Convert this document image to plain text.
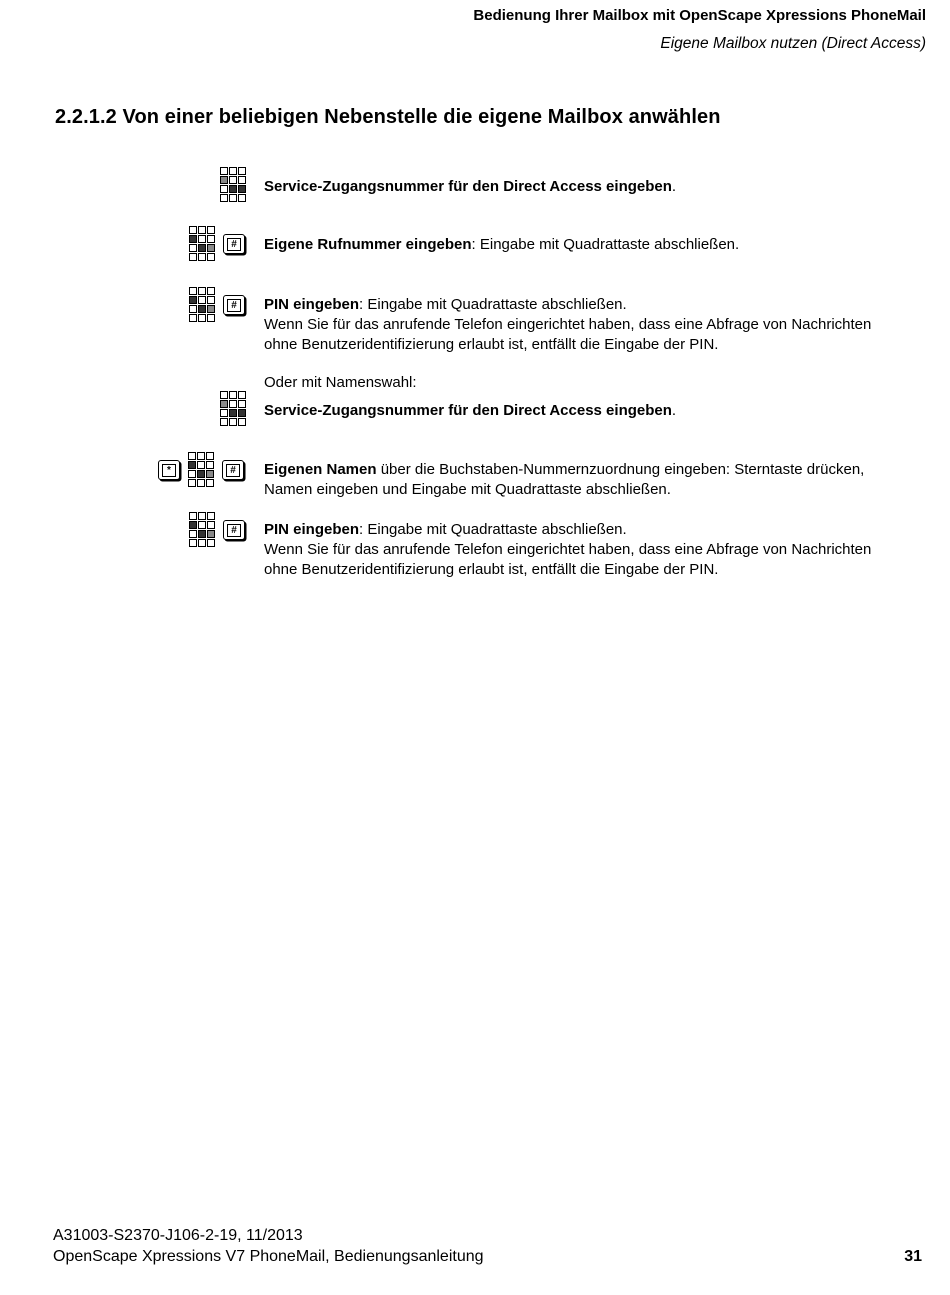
Bedienung Ihrer Mailbox mit OpenScape Xpressions PhoneMail
Eigene Mailbox nutzen (Direct Access)
2.2.1.2 Von einer beliebigen Nebenstelle die eigene Mailbox anwählen
Service-Zugangsnummer für den Direct Access eingeben.
#	Eigene Rufnummer eingeben: Eingabe mit Quadrattaste abschließen.
#	PIN eingeben: Eingabe mit Quadrattaste abschließen.
Wenn Sie für das anrufende Telefon eingerichtet haben, dass eine Abfrage von Nachrichten
ohne Benutzeridentifizierung erlaubt ist, entfällt die Eingabe der PIN.
Oder mit Namenswahl:
Service-Zugangsnummer für den Direct Access eingeben.
*	#	Eigenen Namen über die Buchstaben-Nummernzuordnung eingeben: Sterntaste drücken,
Namen eingeben und Eingabe mit Quadrattaste abschließen.
#	PIN eingeben: Eingabe mit Quadrattaste abschließen.
Wenn Sie für das anrufende Telefon eingerichtet haben, dass eine Abfrage von Nachrichten
ohne Benutzeridentifizierung erlaubt ist, entfällt die Eingabe der PIN.
A31003-S2370-J106-2-19, 11/2013
OpenScape Xpressions V7 PhoneMail, Bedienungsanleitung	31
